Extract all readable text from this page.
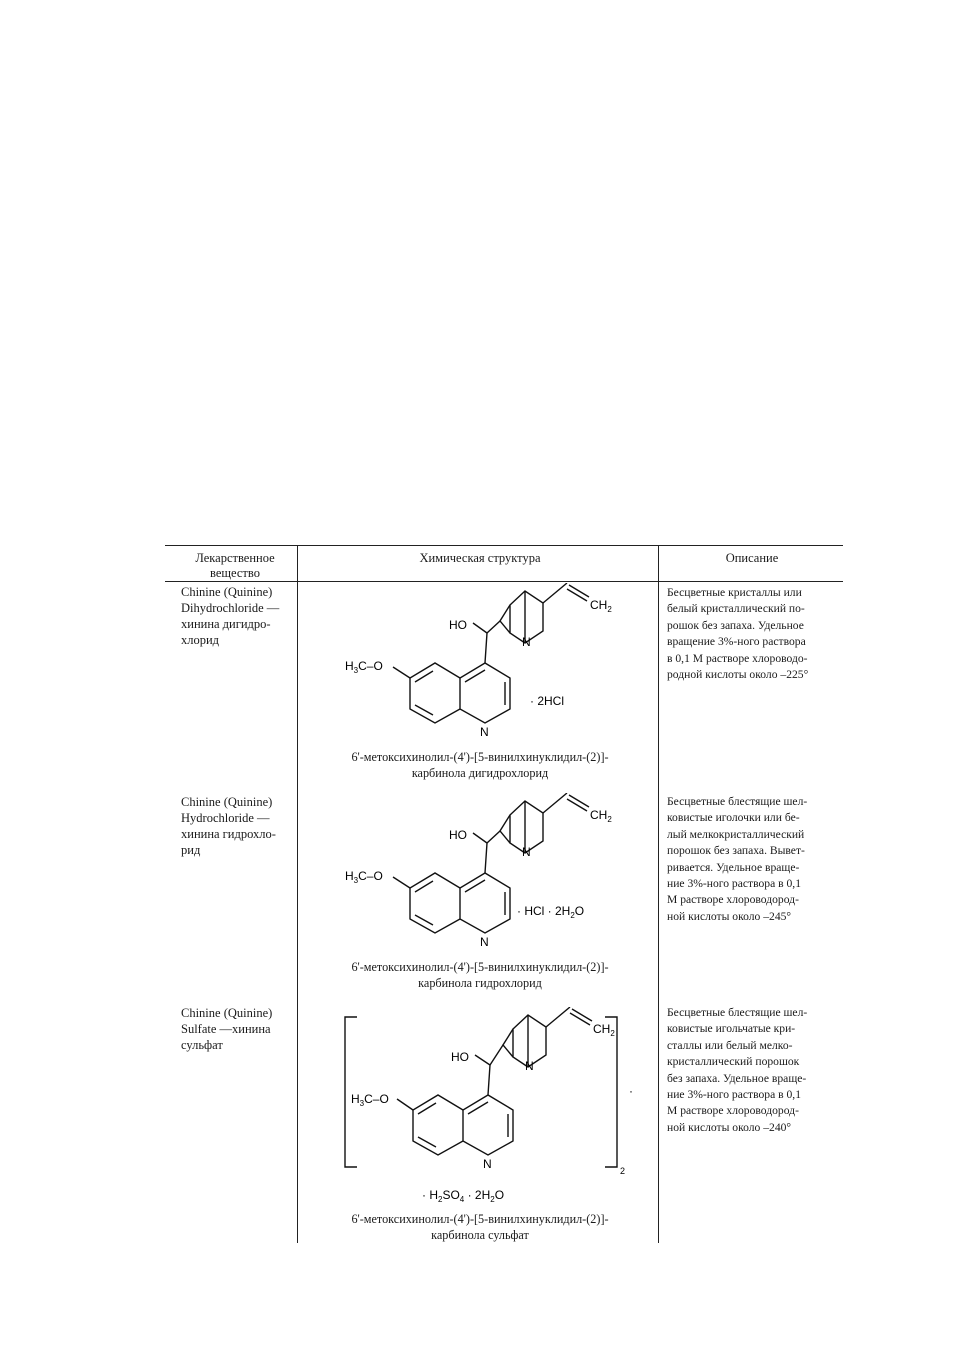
Лекарственное вещество
Химическая структура	Описание
Chinine (Quinine)
Dihydrochloride —
хинина дигидро-
хлорид
HO
$CH_2$
N
N
$H_3C-O$
· 2HCl
6'-метоксихинолил-(4')-[5-винилхинуклидил-(2)]-
карбинола дигидрохлорид
Бесцветные кристаллы или
белый кристаллический по-
рошок без запаха. Удельное
вращение 3%-ного раствора
в 0,1 М растворе хлороводо-
родной кислоты около –225°
Chinine (Quinine)
Hydrochloride —
хинина гидрохло-
рид
HO
$CH_2$
N
N
$H_3C-O$
· HCl · $2H_2O$
6'-метоксихинолил-(4')-[5-винилхинуклидил-(2)]-
карбинола гидрохлорид
Бесцветные блестящие шел-
ковистые иголочки или бе-
лый мелкокристаллический
порошок без запаха. Вывет-
ривается. Удельное враще-
ние 3%-ного раствора в 0,1
М растворе хлороводород-
ной кислоты около –245°
Chinine (Quinine)
Sulfate —хинина
сульфат
HO
$CH_2$
N
N
$H_3C-O$
2
·
· $H_2SO_4 \cdot 2H_2O$
6'-метоксихинолил-(4')-[5-винилхинуклидил-(2)]-
карбинола сульфат
Бесцветные блестящие шел-
ковистые игольчатые кри-
сталлы или белый мелко-
кристаллический порошок
без запаха. Удельное враще-
ние 3%-ного раствора в 0,1
М растворе хлороводород-
ной кислоты около –240°
